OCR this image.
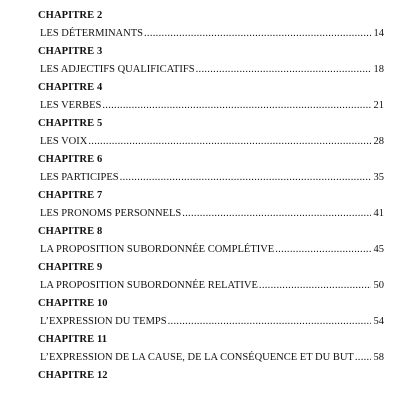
CHAPITRE 2
LES DÉTERMINANTS .....	14
CHAPITRE 3
LES ADJECTIFS QUALIFICATIFS .....	18
CHAPITRE 4
LES VERBES .....	21
CHAPITRE 5
LES VOIX .....	28
CHAPITRE 6
LES PARTICIPES .....	35
CHAPITRE 7
LES PRONOMS PERSONNELS .....	41
CHAPITRE 8
LA PROPOSITION SUBORDONNÉE COMPLÉTIVE .....	45
CHAPITRE 9
LA PROPOSITION SUBORDONNÉE RELATIVE .....	50
CHAPITRE 10
L’EXPRESSION DU TEMPS .....	54
CHAPITRE 11
L’EXPRESSION DE LA CAUSE, DE LA CONSÉQUENCE ET DU BUT ..... 58
CHAPITRE 12
